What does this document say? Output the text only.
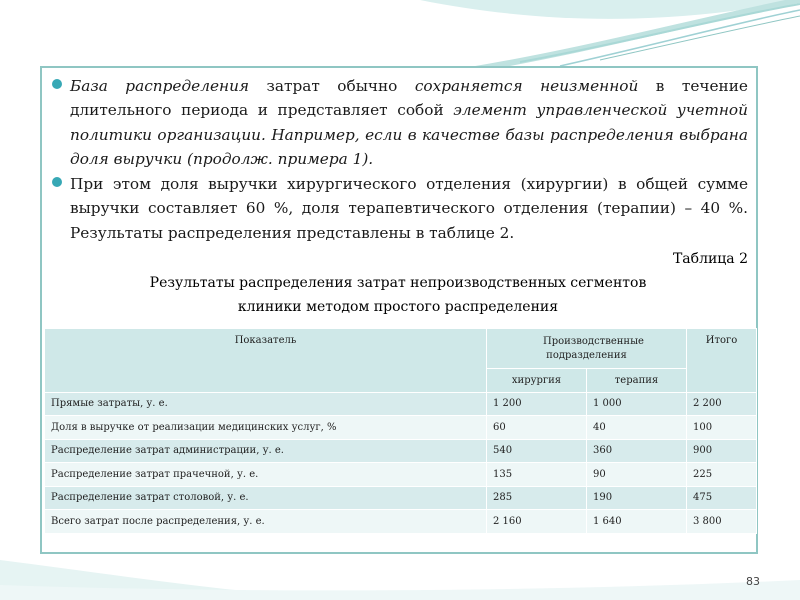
База распределения затрат обычно сохраняется неизменной в течение длительного периода и представляет собой элемент управленческой учетной политики организации. Например, если в качестве базы распределения выбрана доля выручки (продолж. примера 1).
При этом доля выручки хирургического отделения (хирургии) в общей сумме выручки составляет 60 %, доля терапевтического отделения (терапии) – 40 %. Результаты распределения представлены в таблице 2.
Таблица 2
Результаты распределения затрат непроизводственных сегментов
клиники методом простого распределения
Показатель	Производственные подразделения		Итого
	хирургия	терапия	
Прямые затраты, у. е.	1 200	1 000	2 200
Доля в выручке от реализации медицинских услуг, %	60	40	100
Распределение затрат администрации, у. е.	540	360	900
Распределение затрат прачечной, у. е.	135	90	225
Распределение затрат столовой, у. е.	285	190	475
Всего затрат после распределения, у. е.	2 160	1 640	3 800
83
